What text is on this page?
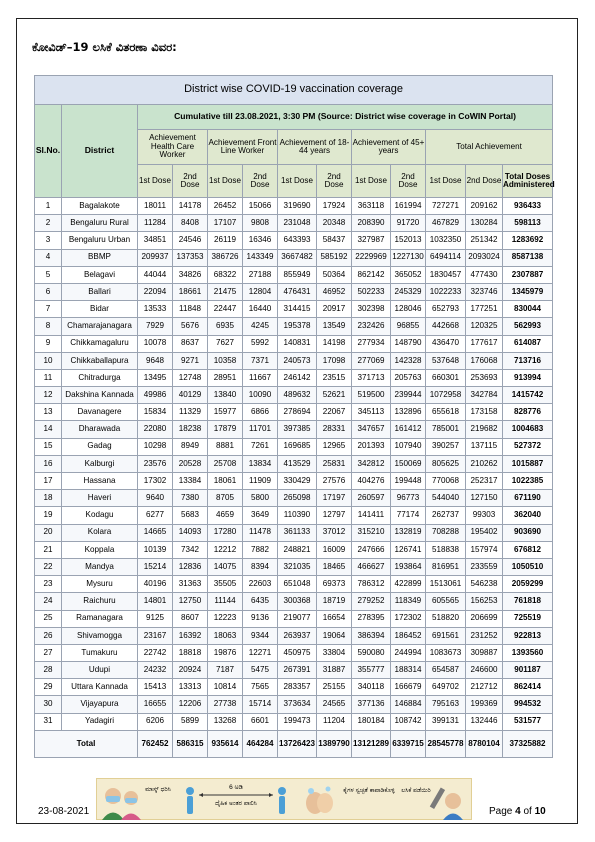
ಕೋವಿಡ್–19 ಲಸಿಕೆ ವಿತರಣಾ ವಿವರ:
District wise COVID-19 vaccination coverage												
Sl.No.	District	Cumulative till 23.08.2021, 3:30 PM (Source: District wise coverage in CoWIN Portal)										
		Achievement Health Care Worker		Achievement Front Line Worker		Achievement of 18-44 years		Achievement of 45+ years		Total Achievement		
		1st Dose	2nd Dose	1st Dose	2nd Dose	1st Dose	2nd Dose	1st Dose	2nd Dose	1st Dose	2nd Dose	Total Doses Administered
1	Bagalakote	18011	14178	26452	15066	319690	17924	363118	161994	727271	209162	936433
2	Bengaluru Rural	11284	8408	17107	9808	231048	20348	208390	91720	467829	130284	598113
3	Bengaluru Urban	34851	24546	26119	16346	643393	58437	327987	152013	1032350	251342	1283692
4	BBMP	209937	137353	386726	143349	3667482	585192	2229969	1227130	6494114	2093024	8587138
5	Belagavi	44044	34826	68322	27188	855949	50364	862142	365052	1830457	477430	2307887
6	Ballari	22094	18661	21475	12804	476431	46952	502233	245329	1022233	323746	1345979
7	Bidar	13533	11848	22447	16440	314415	20917	302398	128046	652793	177251	830044
8	Chamarajanagara	7929	5676	6935	4245	195378	13549	232426	96855	442668	120325	562993
9	Chikkamagaluru	10078	8637	7627	5992	140831	14198	277934	148790	436470	177617	614087
10	Chikkaballapura	9648	9271	10358	7371	240573	17098	277069	142328	537648	176068	713716
11	Chitradurga	13495	12748	28951	11667	246142	23515	371713	205763	660301	253693	913994
12	Dakshina Kannada	49986	40129	13840	10090	489632	52621	519500	239944	1072958	342784	1415742
13	Davanagere	15834	11329	15977	6866	278694	22067	345113	132896	655618	173158	828776
14	Dharawada	22080	18238	17879	11701	397385	28331	347657	161412	785001	219682	1004683
15	Gadag	10298	8949	8881	7261	169685	12965	201393	107940	390257	137115	527372
16	Kalburgi	23576	20528	25708	13834	413529	25831	342812	150069	805625	210262	1015887
17	Hassana	17302	13384	18061	11909	330429	27576	404276	199448	770068	252317	1022385
18	Haveri	9640	7380	8705	5800	265098	17197	260597	96773	544040	127150	671190
19	Kodagu	6277	5683	4659	3649	110390	12797	141411	77174	262737	99303	362040
20	Kolara	14665	14093	17280	11478	361133	37012	315210	132819	708288	195402	903690
21	Koppala	10139	7342	12212	7882	248821	16009	247666	126741	518838	157974	676812
22	Mandya	15214	12836	14075	8394	321035	18465	466627	193864	816951	233559	1050510
23	Mysuru	40196	31363	35505	22603	651048	69373	786312	422899	1513061	546238	2059299
24	Raichuru	14801	12750	11144	6435	300368	18719	279252	118349	605565	156253	761818
25	Ramanagara	9125	8607	12223	9136	219077	16654	278395	172302	518820	206699	725519
26	Shivamogga	23167	16392	18063	9344	263937	19064	386394	186452	691561	231252	922813
27	Tumakuru	22742	18818	19876	12271	450975	33804	590080	244994	1083673	309887	1393560
28	Udupi	24232	20924	7187	5475	267391	31887	355777	188314	654587	246600	901187
29	Uttara Kannada	15413	13313	10814	7565	283357	25155	340118	166679	649702	212712	862414
30	Vijayapura	16655	12206	27738	15714	373634	24565	377136	146884	795163	199369	994532
31	Yadagiri	6206	5899	13268	6601	199473	11204	180184	108742	399131	132446	531577
Total		762452	586315	935614	464284	13726423	1389790	13121289	6339715	28545778	8780104	37325882
ಮಾಸ್ಕ್ ಧರಿಸಿ	6 ಅಡಿ
ದೈಹಿಕ ಅಂತರ ಪಾಲಿಸಿ
ಕೈಗಳ ಸ್ವಚ್ಛತೆ ಕಾಪಾಡಿಕೊಳ್ಳಿ	ಲಸಿಕೆ ಪಡೆಯಿರಿ
23-08-2021	Page 4 of 10
